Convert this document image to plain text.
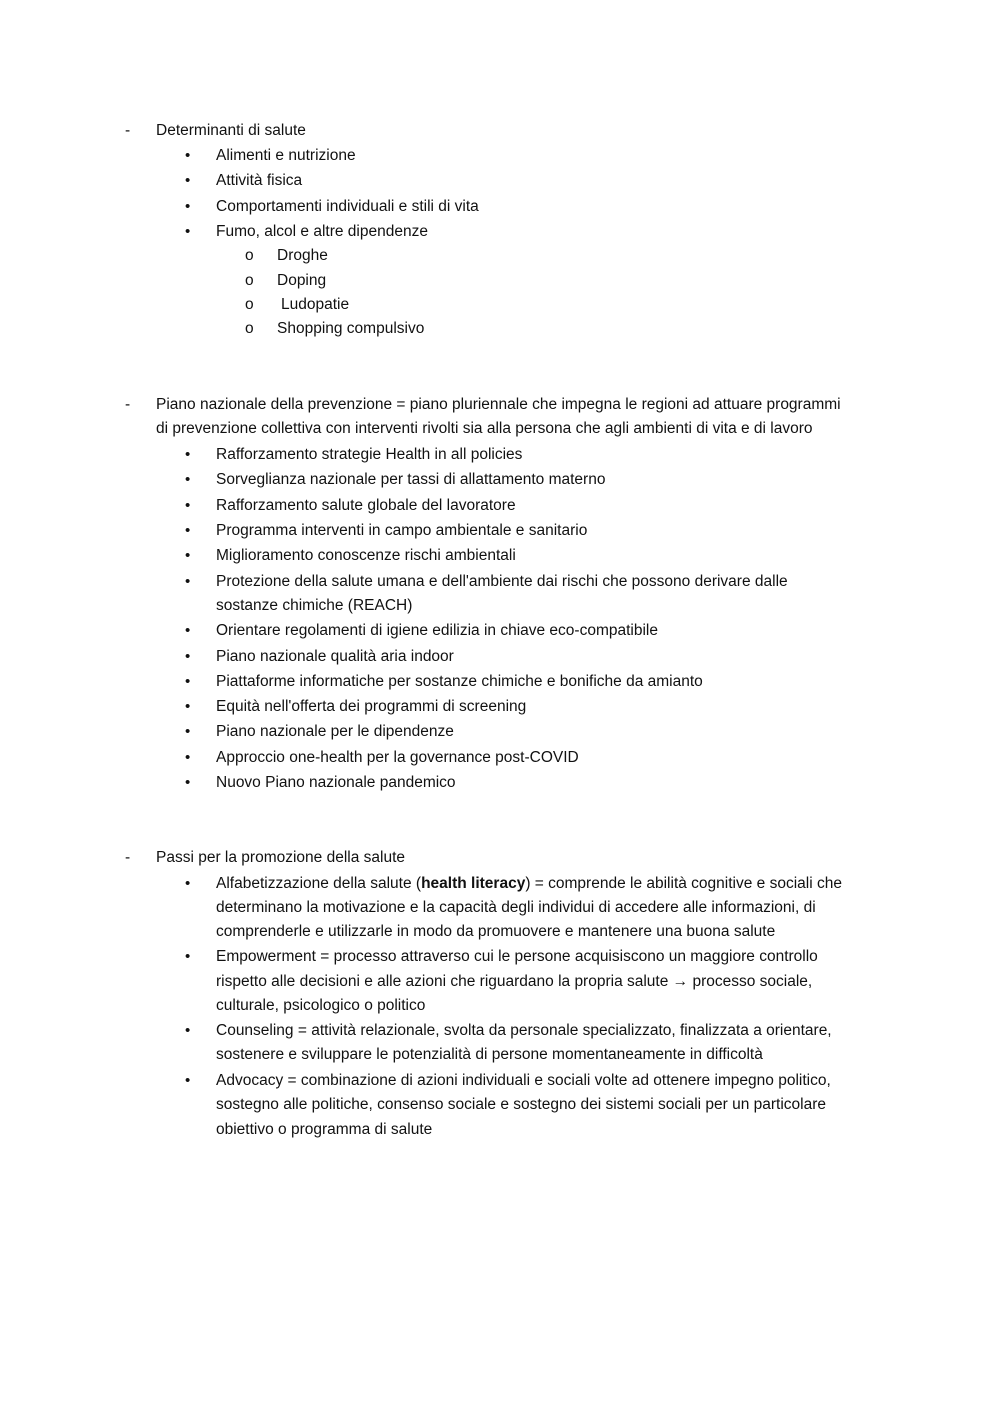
- Determinanti di salute
• Alimenti e nutrizione
• Attività fisica
• Comportamenti individuali e stili di vita
• Fumo, alcol e altre dipendenze
o Droghe
o Doping
o Ludopatie
o Shopping compulsivo
- Piano nazionale della prevenzione = piano pluriennale che impegna le regioni ad attuare programmi
di prevenzione collettiva con interventi rivolti sia alla persona che agli ambienti di vita e di lavoro
• Rafforzamento strategie Health in all policies
• Sorveglianza nazionale per tassi di allattamento materno
• Rafforzamento salute globale del lavoratore
• Programma interventi in campo ambientale e sanitario
• Miglioramento conoscenze rischi ambientali
• Protezione della salute umana e dell'ambiente dai rischi che possono derivare dalle
sostanze chimiche (REACH)
• Orientare regolamenti di igiene edilizia in chiave eco-compatibile
• Piano nazionale qualità aria indoor
• Piattaforme informatiche per sostanze chimiche e bonifiche da amianto
• Equità nell'offerta dei programmi di screening
• Piano nazionale per le dipendenze
• Approccio one-health per la governance post-COVID
• Nuovo Piano nazionale pandemico
- Passi per la promozione della salute
• Alfabetizzazione della salute (health literacy) = comprende le abilità cognitive e sociali che
determinano la motivazione e la capacità degli individui di accedere alle informazioni, di
comprenderle e utilizzarle in modo da promuovere e mantenere una buona salute
• Empowerment = processo attraverso cui le persone acquisiscono un maggiore controllo
rispetto alle decisioni e alle azioni che riguardano la propria salute → processo sociale,
culturale, psicologico o politico
• Counseling = attività relazionale, svolta da personale specializzato, finalizzata a orientare,
sostenere e sviluppare le potenzialità di persone momentaneamente in difficoltà
• Advocacy = combinazione di azioni individuali e sociali volte ad ottenere impegno politico,
sostegno alle politiche, consenso sociale e sostegno dei sistemi sociali per un particolare
obiettivo o programma di salute
